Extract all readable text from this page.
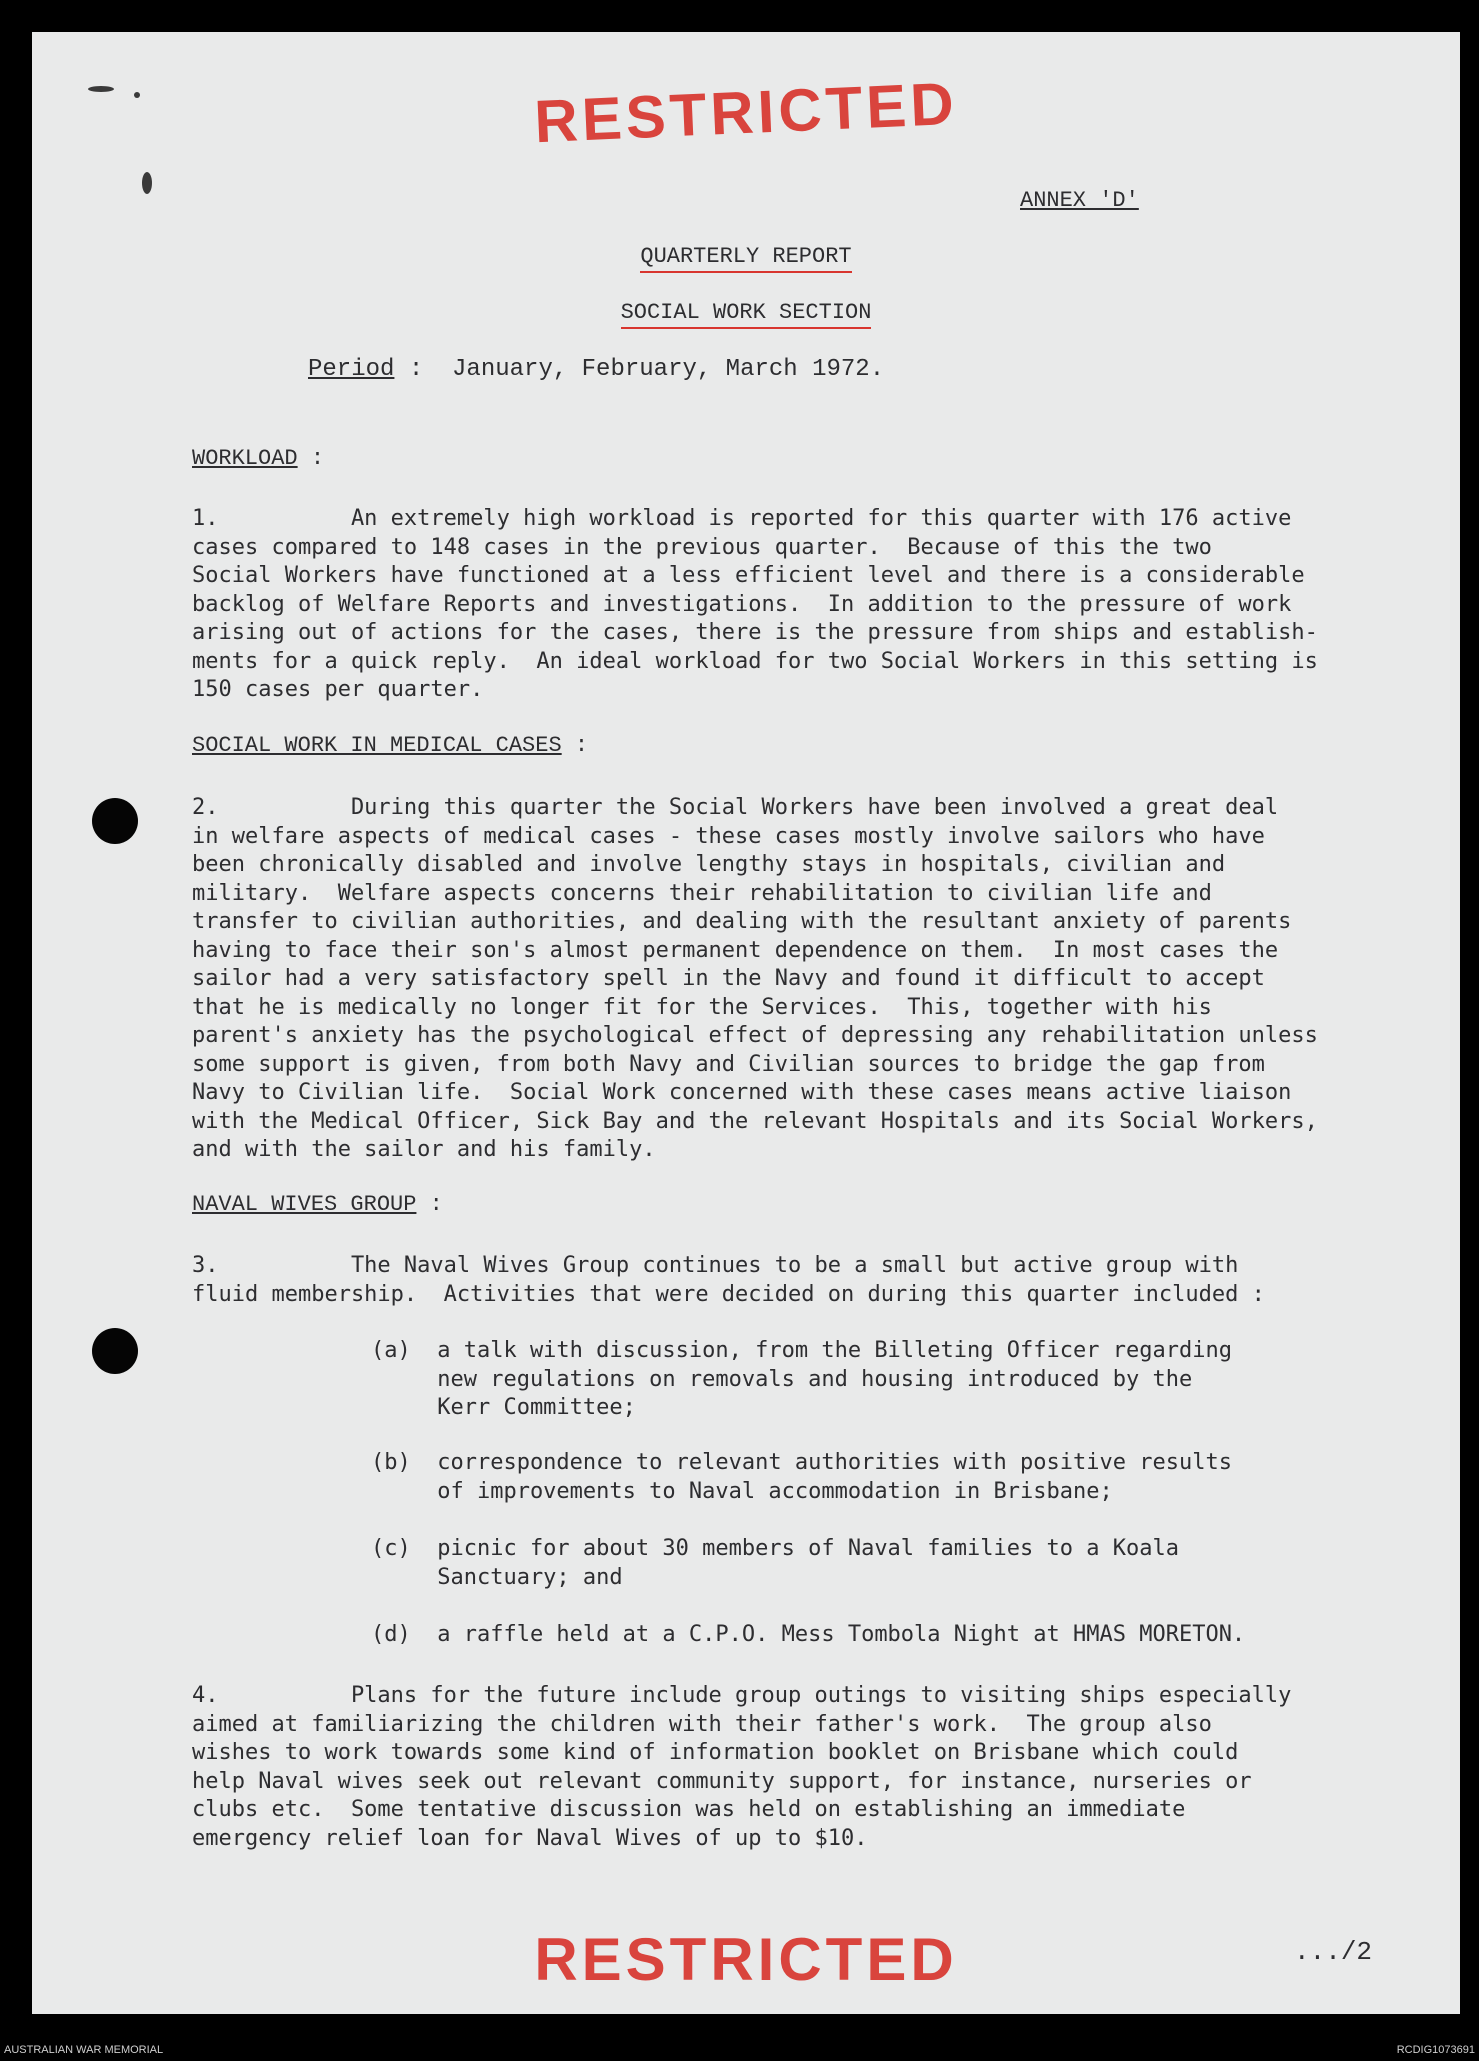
RESTRICTED
ANNEX 'D'
QUARTERLY REPORT
SOCIAL WORK SECTION
Period :  January, February, March 1972.
WORKLOAD :
1.          An extremely high workload is reported for this quarter with 176 active
cases compared to 148 cases in the previous quarter.  Because of this the two
Social Workers have functioned at a less efficient level and there is a considerable
backlog of Welfare Reports and investigations.  In addition to the pressure of work
arising out of actions for the cases, there is the pressure from ships and establish-
ments for a quick reply.  An ideal workload for two Social Workers in this setting is
150 cases per quarter.
SOCIAL WORK IN MEDICAL CASES :
2.          During this quarter the Social Workers have been involved a great deal
in welfare aspects of medical cases - these cases mostly involve sailors who have
been chronically disabled and involve lengthy stays in hospitals, civilian and
military.  Welfare aspects concerns their rehabilitation to civilian life and
transfer to civilian authorities, and dealing with the resultant anxiety of parents
having to face their son's almost permanent dependence on them.  In most cases the
sailor had a very satisfactory spell in the Navy and found it difficult to accept
that he is medically no longer fit for the Services.  This, together with his
parent's anxiety has the psychological effect of depressing any rehabilitation unless
some support is given, from both Navy and Civilian sources to bridge the gap from
Navy to Civilian life.  Social Work concerned with these cases means active liaison
with the Medical Officer, Sick Bay and the relevant Hospitals and its Social Workers,
and with the sailor and his family.
NAVAL WIVES GROUP :
3.          The Naval Wives Group continues to be a small but active group with
fluid membership.  Activities that were decided on during this quarter included :
(a)  a talk with discussion, from the Billeting Officer regarding
new regulations on removals and housing introduced by the
Kerr Committee;
(b)  correspondence to relevant authorities with positive results
of improvements to Naval accommodation in Brisbane;
(c)  picnic for about 30 members of Naval families to a Koala
Sanctuary; and
(d)  a raffle held at a C.P.O. Mess Tombola Night at HMAS MORETON.
4.          Plans for the future include group outings to visiting ships especially
aimed at familiarizing the children with their father's work.  The group also
wishes to work towards some kind of information booklet on Brisbane which could
help Naval wives seek out relevant community support, for instance, nurseries or
clubs etc.  Some tentative discussion was held on establishing an immediate
emergency relief loan for Naval Wives of up to $10.
RESTRICTED	.../2
AUSTRALIAN WAR MEMORIAL	RCDIG1073691
